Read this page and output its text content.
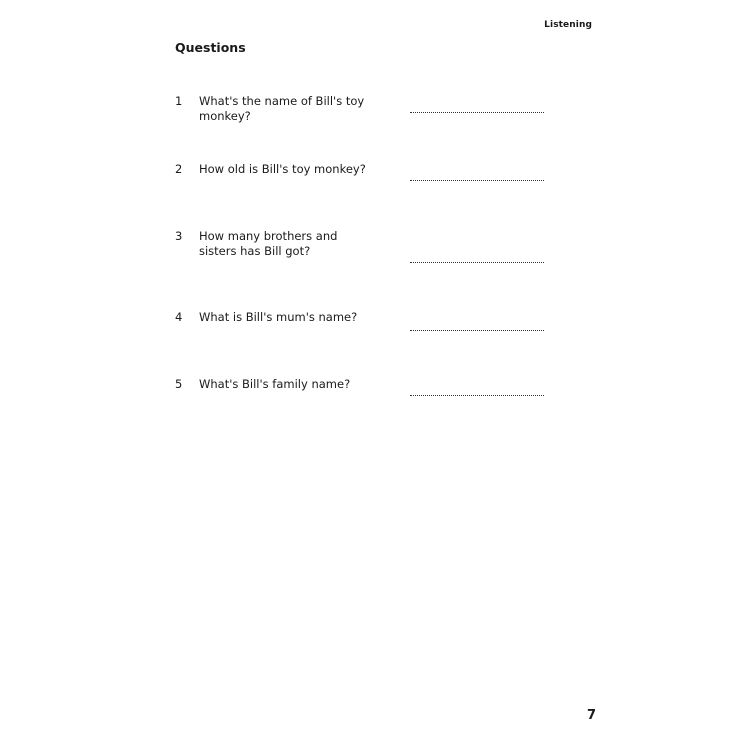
Listening
Questions
1	What's the name of Bill's toy monkey?
2	How old is Bill's toy monkey?
3	How many brothers and sisters has Bill got?
4	What is Bill's mum's name?
5	What's Bill's family name?
7
